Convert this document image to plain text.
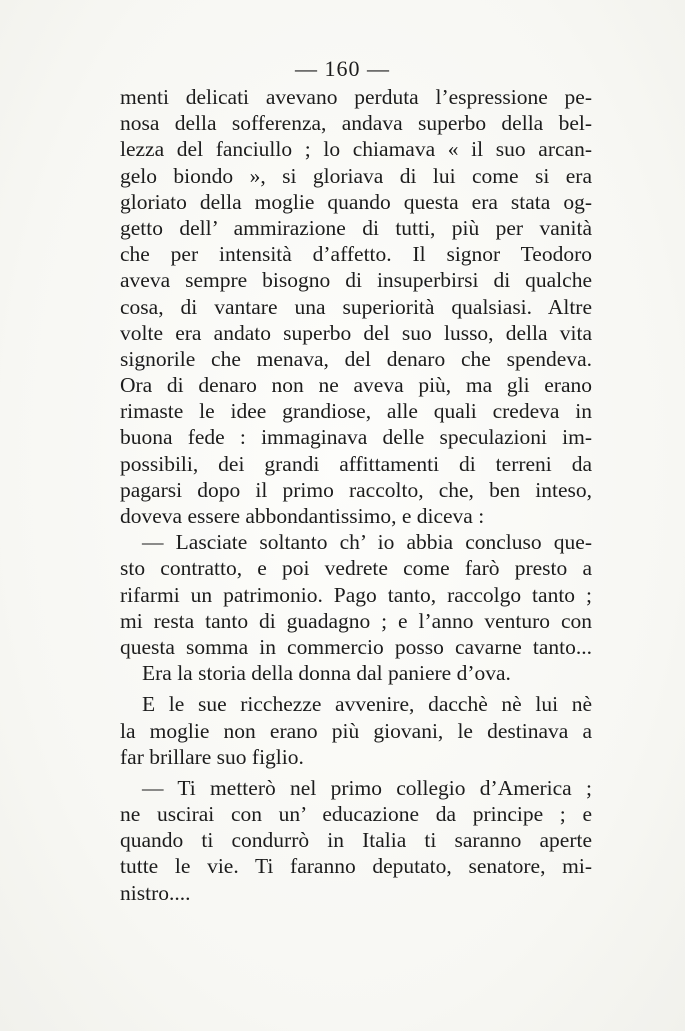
— 160 —
menti delicati avevano perduta l’espressione pe-
nosa della sofferenza, andava superbo della bel-
lezza del fanciullo ; lo chiamava « il suo arcan-
gelo biondo », si gloriava di lui come si era
gloriato della moglie quando questa era stata og-
getto dell’ ammirazione di tutti, più per vanità
che per intensità d’affetto. Il signor Teodoro
aveva sempre bisogno di insuperbirsi di qualche
cosa, di vantare una superiorità qualsiasi. Altre
volte era andato superbo del suo lusso, della vita
signorile che menava, del denaro che spendeva.
Ora di denaro non ne aveva più, ma gli erano
rimaste le idee grandiose, alle quali credeva in
buona fede : immaginava delle speculazioni im-
possibili, dei grandi affittamenti di terreni da
pagarsi dopo il primo raccolto, che, ben inteso,
doveva essere abbondantissimo, e diceva :
— Lasciate soltanto ch’ io abbia concluso que-
sto contratto, e poi vedrete come farò presto a
rifarmi un patrimonio. Pago tanto, raccolgo tanto ;
mi resta tanto di guadagno ; e l’anno venturo con
questa somma in commercio posso cavarne tanto...
Era la storia della donna dal paniere d’ova.
E le sue ricchezze avvenire, dacchè nè lui nè
la moglie non erano più giovani, le destinava a
far brillare suo figlio.
— Ti metterò nel primo collegio d’America ;
ne uscirai con un’ educazione da principe ; e
quando ti condurrò in Italia ti saranno aperte
tutte le vie. Ti faranno deputato, senatore, mi-
nistro....
